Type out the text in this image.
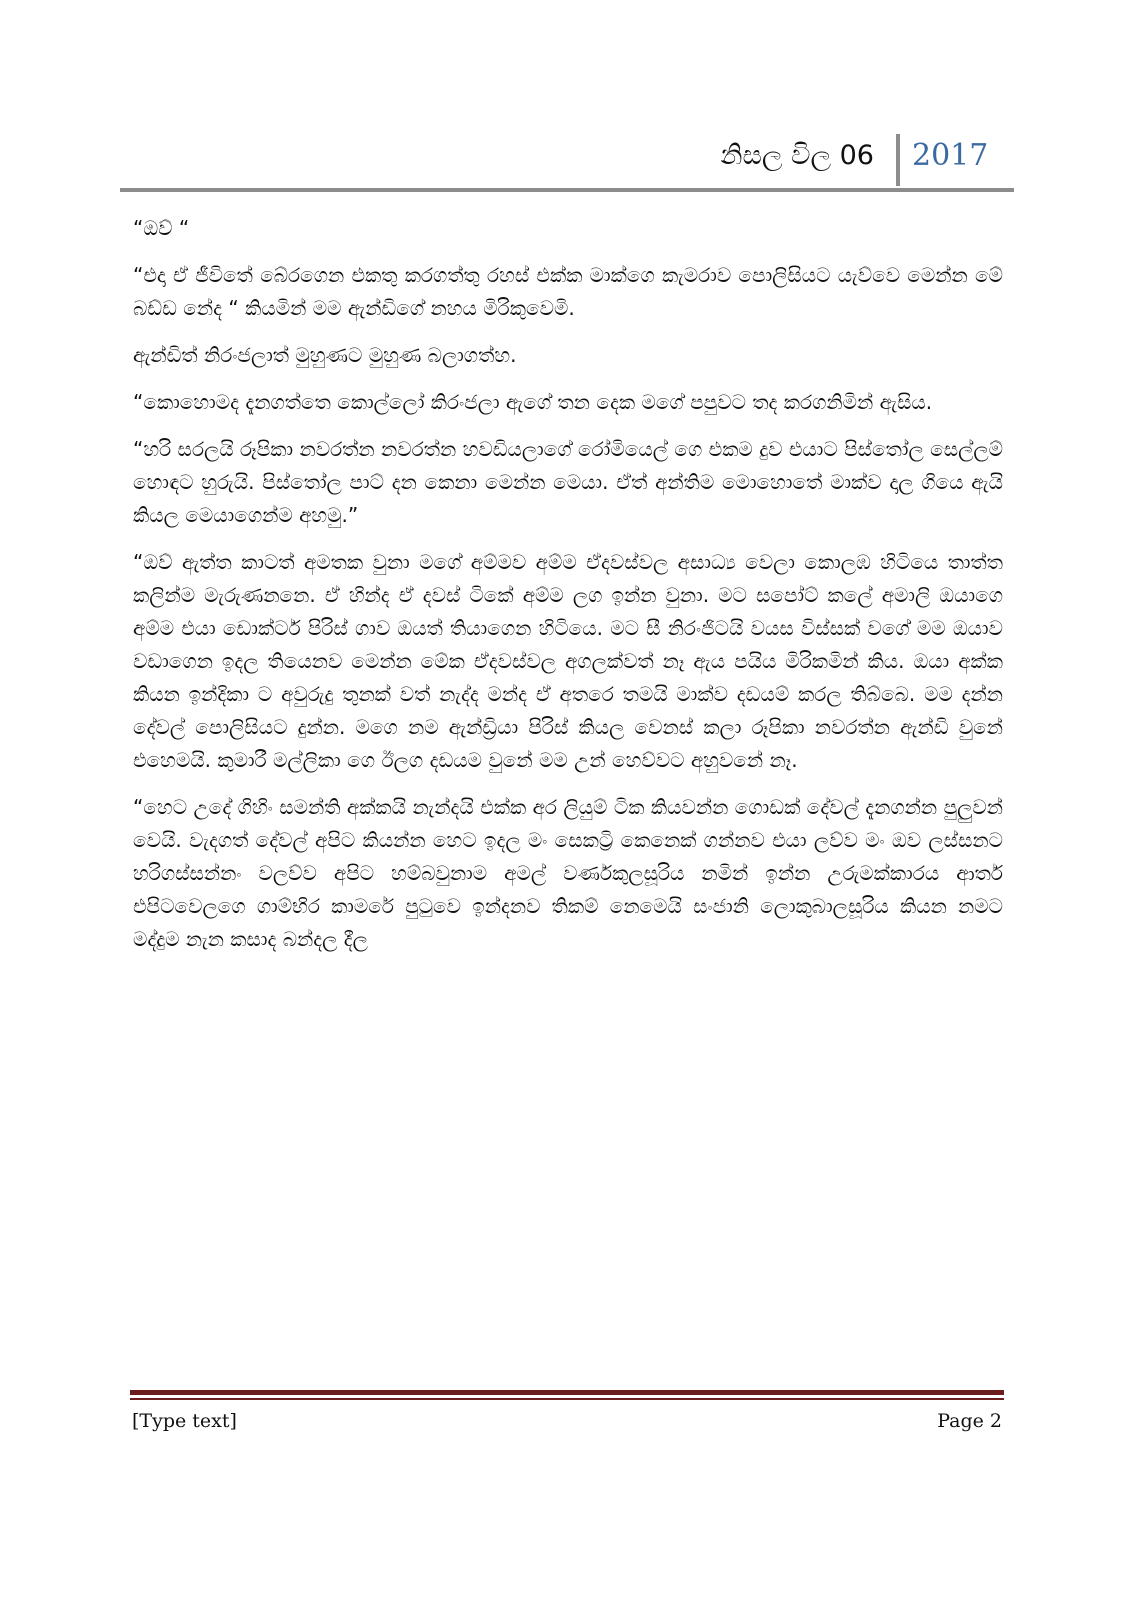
නිසල විල 06 2017

“ඔව් “

“එදා ඒ ජීවිතේ බේරගෙන එකතු කරගත්තු රහස් එක්ක මාක්ගෙ කැමරාව පොලිසියට යැව්වෙ මෙන්න මේ බඩ්ඩ නේද “ කියමින් මම ඇන්ඩිගේ නහය මිරිකුවෙමි.

ඇන්ඩිත් නිරංජලාත් මුහුණට මුහුණ බලාගත්හ.

“කොහොමද දැනගත්තෙ කොල්ලෝ කිරංජලා ඇගේ තන දෙක මගේ පපුවට තද කරගනිමින් ඇසිය.

“හරි සරලයි රූපිකා නවරත්න නවරත්න හවඩියලාගේ රෝමියෙල් ගෙ එකම දුව එයාට පිස්තෝල සෙල්ලම් හොඳට හුරුයි. පිස්තෝල පාට් දන කෙනා මෙන්න මෙයා. ඒත් අන්තිම මොහොතේ මාක්ව දාල ගියෙ ඇයි කියල මෙයාගෙන්ම අහමු.”

“ඔව් ඇත්ත කාටත් අමතක වුනා මගේ අම්මව අම්ම ඒදවස්වල අසාධ්‍ය වෙලා කොලඹ හිටියෙ තාත්ත කලින්ම මැරුණනනෙ. ඒ හින්ද ඒ දවස් ටිකේ අම්ම ලග ඉන්න වුනා. මට සපෝට් කලේ අමාලි ඔයාගෙ අම්ම එයා ඩොක්ටර් පිරිස් ගාව ඔයත් තියාගෙන හිටියෙ. මට සී නිරංජිටයි වයස විස්සක් වගේ මම ඔයාව වඩාගෙන ඉදල තියෙනව මෙන්න මේක ඒදවස්වල අගලක්වත් නෑ ඇය පයිය මිරිකමින් කිය. ඔයා අක්ක කියන ඉන්දිකා ට අවුරුදු තුනක් වත් නැද්ද මන්ද ඒ අතරෙ තමයි මාක්ව දඩයම් කරල තිබ්බෙ. මම දන්න දේවල් පොලිසියට දුන්න. මගෙ නම ඇන්ඩ්‍රියා පිරිස් කියල වෙනස් කලා රූපිකා නවරත්න ඇන්ඩි වුනේ එහෙමයි. කුමාරී මල්ලිකා ගෙ ඊලග දඩයම වුනේ මම උන් හෙව්වට අහුවනේ නෑ.

“හෙට උදේ ගිහිං සමන්ති අක්කයි නැන්දයි එක්ක අර ලියුම් ටික කියවන්න ගොඩක් දේවල් දැනගන්න පුලුවන් වෙයි. වැදගත් දේවල් අපිට කියන්න හෙට ඉදල මං සෙකට්‍රි කෙනෙක් ගන්නව එයා ලව්ව මං ඔව ලස්සනට හරිගස්සන්නං වලව්ව අපිට හම්බවුනාම අමල් වර්ණකුලසූරිය නමින් ඉන්න උරුමක්කාරය ආතර් එපිටවෙලගෙ ගාම්භිර කාමරේ පුටුවෙ ඉන්දනව තිකම් නෙමෙයි සංජානි ලොකුබාලසූරිය කියන නමට මද්දුම නැන කසාද බන්දල දීල

[Type text]	Page 2
